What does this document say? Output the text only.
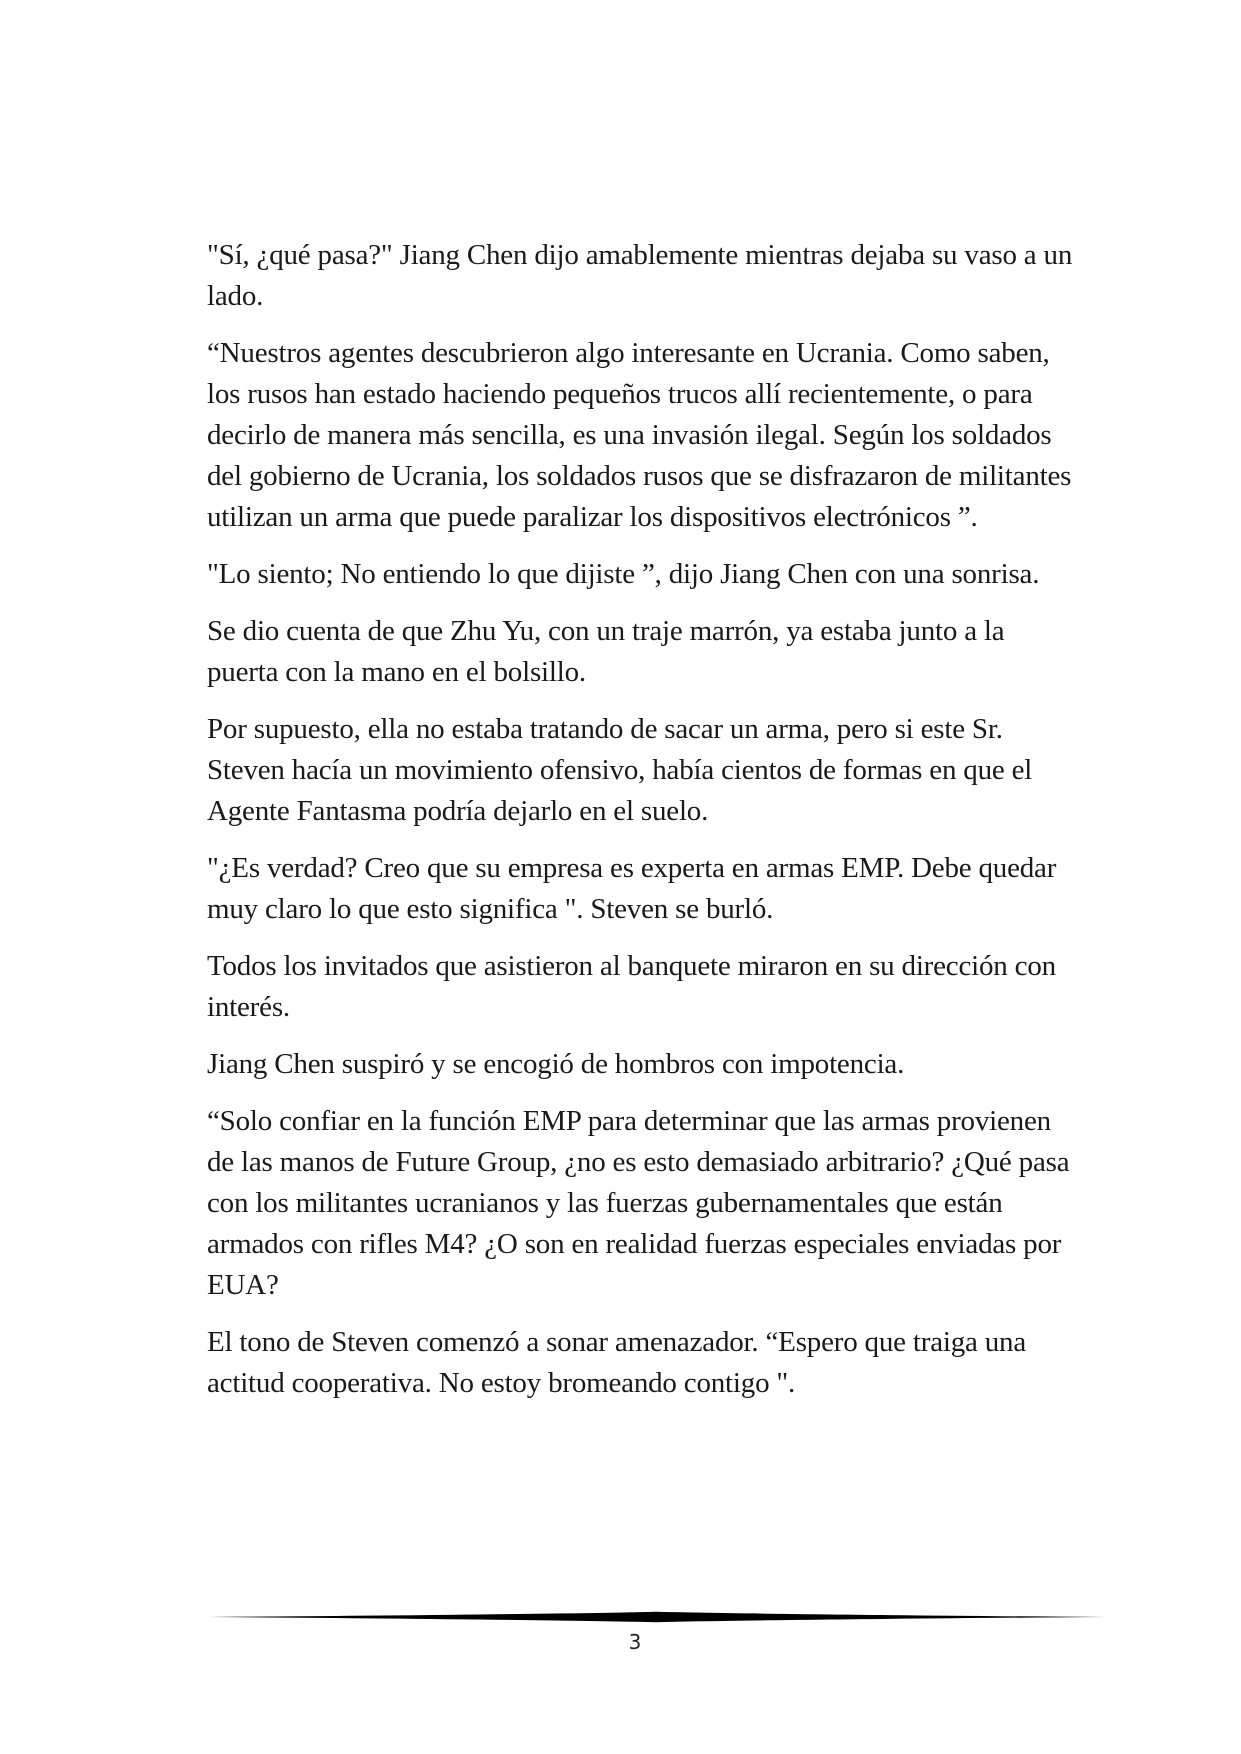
"Sí, ¿qué pasa?" Jiang Chen dijo amablemente mientras dejaba su vaso a un lado.

“Nuestros agentes descubrieron algo interesante en Ucrania. Como saben, los rusos han estado haciendo pequeños trucos allí recientemente, o para decirlo de manera más sencilla, es una invasión ilegal. Según los soldados del gobierno de Ucrania, los soldados rusos que se disfrazaron de militantes utilizan un arma que puede paralizar los dispositivos electrónicos ”.

"Lo siento; No entiendo lo que dijiste ”, dijo Jiang Chen con una sonrisa.

Se dio cuenta de que Zhu Yu, con un traje marrón, ya estaba junto a la puerta con la mano en el bolsillo.

Por supuesto, ella no estaba tratando de sacar un arma, pero si este Sr. Steven hacía un movimiento ofensivo, había cientos de formas en que el Agente Fantasma podría dejarlo en el suelo.

"¿Es verdad? Creo que su empresa es experta en armas EMP. Debe quedar muy claro lo que esto significa ". Steven se burló.

Todos los invitados que asistieron al banquete miraron en su dirección con interés.

Jiang Chen suspiró y se encogió de hombros con impotencia.

“Solo confiar en la función EMP para determinar que las armas provienen de las manos de Future Group, ¿no es esto demasiado arbitrario? ¿Qué pasa con los militantes ucranianos y las fuerzas gubernamentales que están armados con rifles M4? ¿O son en realidad fuerzas especiales enviadas por EUA?

El tono de Steven comenzó a sonar amenazador. “Espero que traiga una actitud cooperativa. No estoy bromeando contigo ".

3
